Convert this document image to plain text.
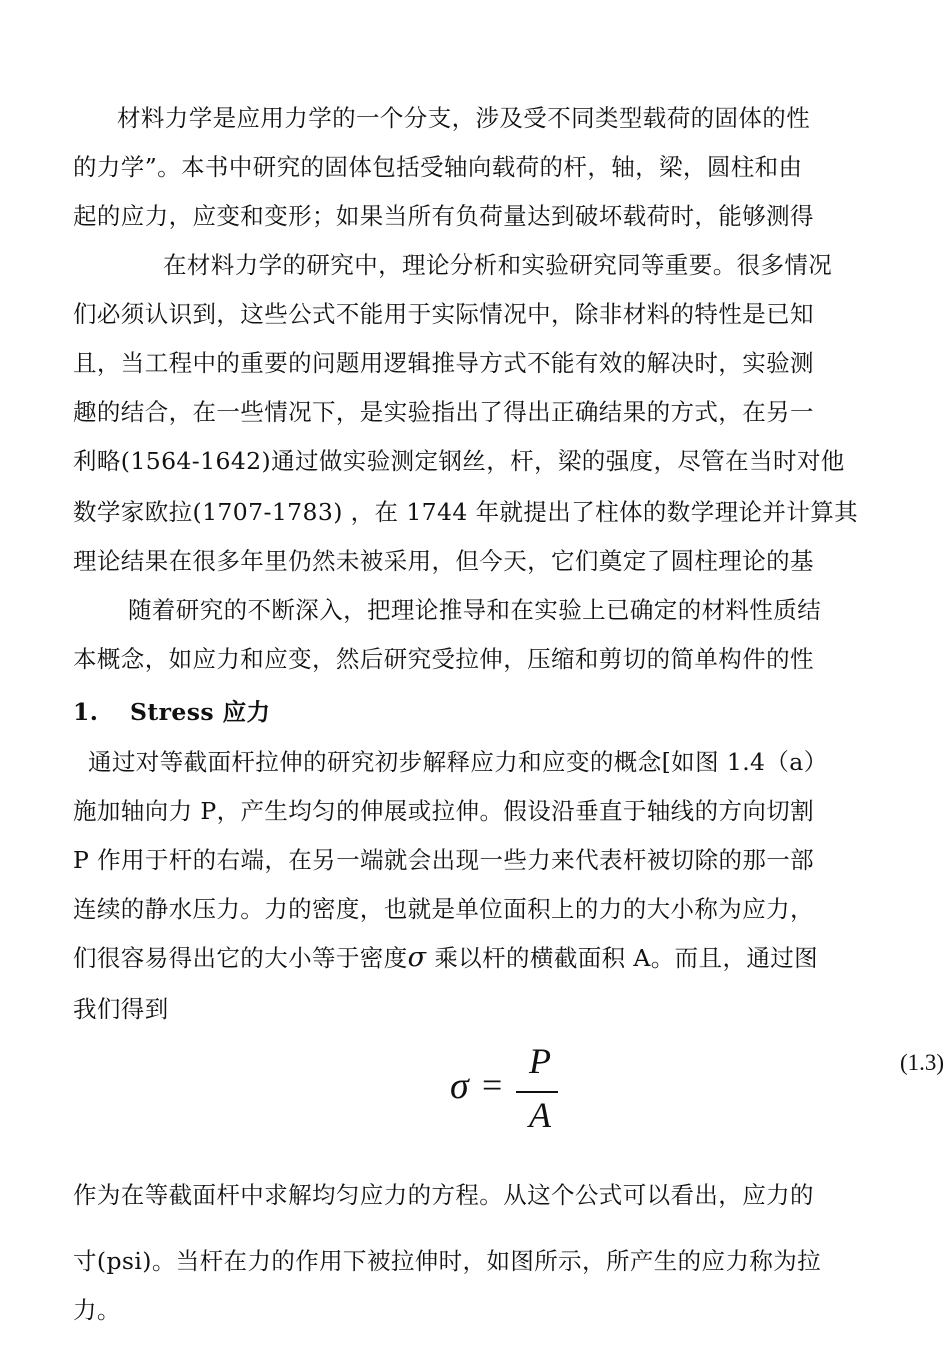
材料力学是应用力学的一个分支，涉及受不同类型载荷的固体的性
的力学”。本书中研究的固体包括受轴向载荷的杆，轴，梁，圆柱和由
起的应力，应变和变形；如果当所有负荷量达到破坏载荷时，能够测得
在材料力学的研究中，理论分析和实验研究同等重要。很多情况
们必须认识到，这些公式不能用于实际情况中，除非材料的特性是已知
且，当工程中的重要的问题用逻辑推导方式不能有效的解决时，实验测
趣的结合，在一些情况下，是实验指出了得出正确结果的方式，在另一
利略(1564-1642)通过做实验测定钢丝，杆，梁的强度，尽管在当时对他
数学家欧拉(1707-1783) ，在 1744 年就提出了柱体的数学理论并计算其
理论结果在很多年里仍然未被采用，但今天，它们奠定了圆柱理论的基
随着研究的不断深入，把理论推导和在实验上已确定的材料性质结
本概念，如应力和应变，然后研究受拉伸，压缩和剪切的简单构件的性
1. Stress 应力
通过对等截面杆拉伸的研究初步解释应力和应变的概念[如图 1.4（a）
施加轴向力 P，产生均匀的伸展或拉伸。假设沿垂直于轴线的方向切割
P 作用于杆的右端，在另一端就会出现一些力来代表杆被切除的那一部
连续的静水压力。力的密度，也就是单位面积上的力的大小称为应力，
们很容易得出它的大小等于密度σ 乘以杆的横截面积 A。而且，通过图
我们得到
σ =
P
A
(1.3)
作为在等截面杆中求解均匀应力的方程。从这个公式可以看出，应力的
寸(psi)。当杆在力的作用下被拉伸时，如图所示，所产生的应力称为拉
力。
